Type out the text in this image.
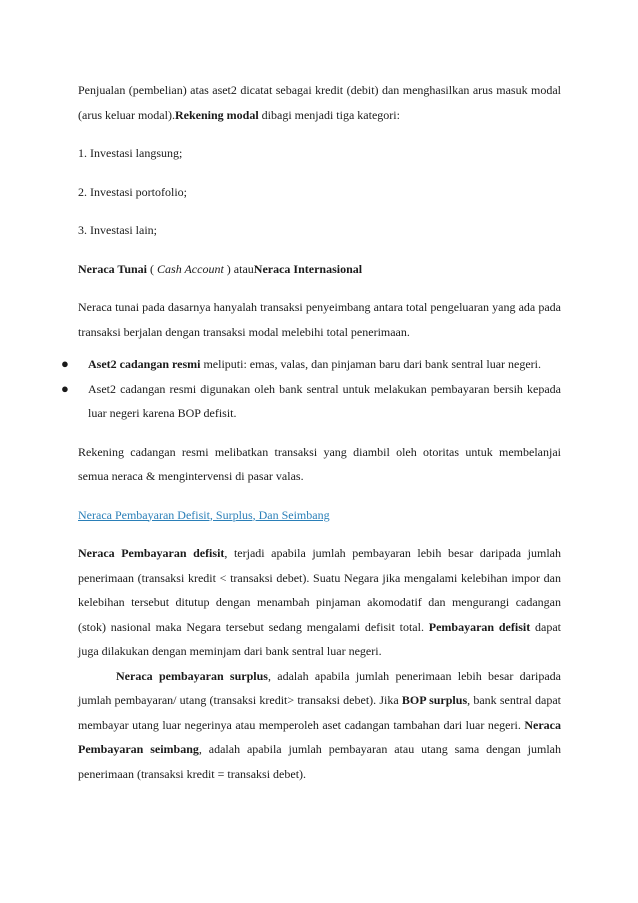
Penjualan (pembelian) atas aset2 dicatat sebagai kredit (debit) dan menghasilkan arus masuk modal (arus keluar modal).Rekening modal dibagi menjadi tiga kategori:

1. Investasi langsung;

2. Investasi portofolio;

3. Investasi lain;

Neraca Tunai ( Cash Account ) atauNeraca Internasional

Neraca tunai pada dasarnya hanyalah transaksi penyeimbang antara total pengeluaran yang ada pada transaksi berjalan dengan transaksi modal melebihi total penerimaan.

● Aset2 cadangan resmi meliputi: emas, valas, dan pinjaman baru dari bank sentral luar negeri.
● Aset2 cadangan resmi digunakan oleh bank sentral untuk melakukan pembayaran bersih kepada luar negeri karena BOP defisit.

Rekening cadangan resmi melibatkan transaksi yang diambil oleh otoritas untuk membelanjai semua neraca & mengintervensi di pasar valas.

Neraca Pembayaran Defisit, Surplus, Dan Seimbang

Neraca Pembayaran defisit, terjadi apabila jumlah pembayaran lebih besar daripada jumlah penerimaan (transaksi kredit < transaksi debet). Suatu Negara jika mengalami kelebihan impor dan kelebihan tersebut ditutup dengan menambah pinjaman akomodatif dan mengurangi cadangan (stok) nasional maka Negara tersebut sedang mengalami defisit total. Pembayaran defisit dapat juga dilakukan dengan meminjam dari bank sentral luar negeri.

Neraca pembayaran surplus, adalah apabila jumlah penerimaan lebih besar daripada jumlah pembayaran/ utang (transaksi kredit> transaksi debet). Jika BOP surplus, bank sentral dapat membayar utang luar negerinya atau memperoleh aset cadangan tambahan dari luar negeri. Neraca Pembayaran seimbang, adalah apabila jumlah pembayaran atau utang sama dengan jumlah penerimaan (transaksi kredit = transaksi debet).
